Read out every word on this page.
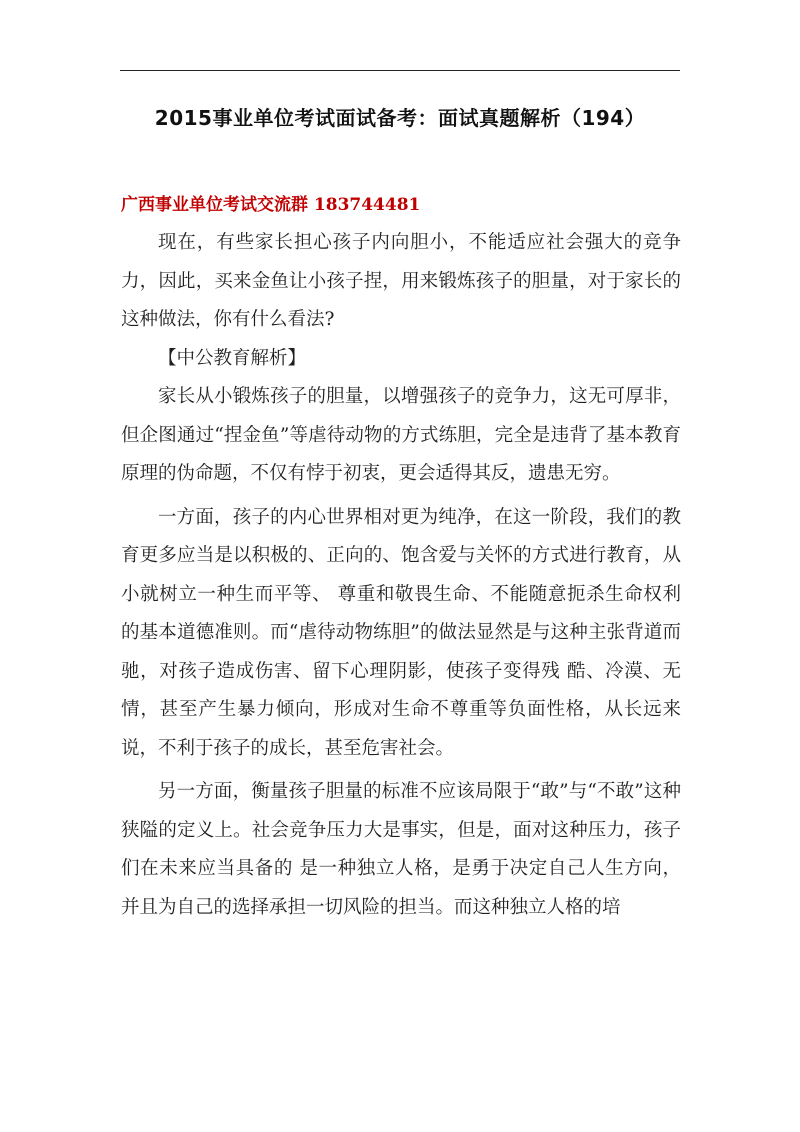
2015事业单位考试面试备考：面试真题解析（194）
广西事业单位考试交流群 183744481

现在，有些家长担心孩子内向胆小，不能适应社会强大的竞争力，因此，买来金鱼让小孩子捏，用来锻炼孩子的胆量，对于家长的这种做法，你有什么看法?

【中公教育解析】

家长从小锻炼孩子的胆量，以增强孩子的竞争力，这无可厚非，但企图通过“捏金鱼”等虐待动物的方式练胆，完全是违背了基本教育原理的伪命题，不仅有悖于初衷，更会适得其反，遗患无穷。

一方面，孩子的内心世界相对更为纯净，在这一阶段，我们的教育更多应当是以积极的、正向的、饱含爱与关怀的方式进行教育，从小就树立一种生而平等、 尊重和敬畏生命、不能随意扼杀生命权利的基本道德准则。而“虐待动物练胆”的做法显然是与这种主张背道而驰，对孩子造成伤害、留下心理阴影，使孩子变得残 酷、冷漠、无情，甚至产生暴力倾向，形成对生命不尊重等负面性格，从长远来说，不利于孩子的成长，甚至危害社会。

另一方面，衡量孩子胆量的标准不应该局限于“敢”与“不敢”这种狭隘的定义上。社会竞争压力大是事实，但是，面对这种压力，孩子们在未来应当具备的 是一种独立人格，是勇于决定自己人生方向，并且为自己的选择承担一切风险的担当。而这种独立人格的培
